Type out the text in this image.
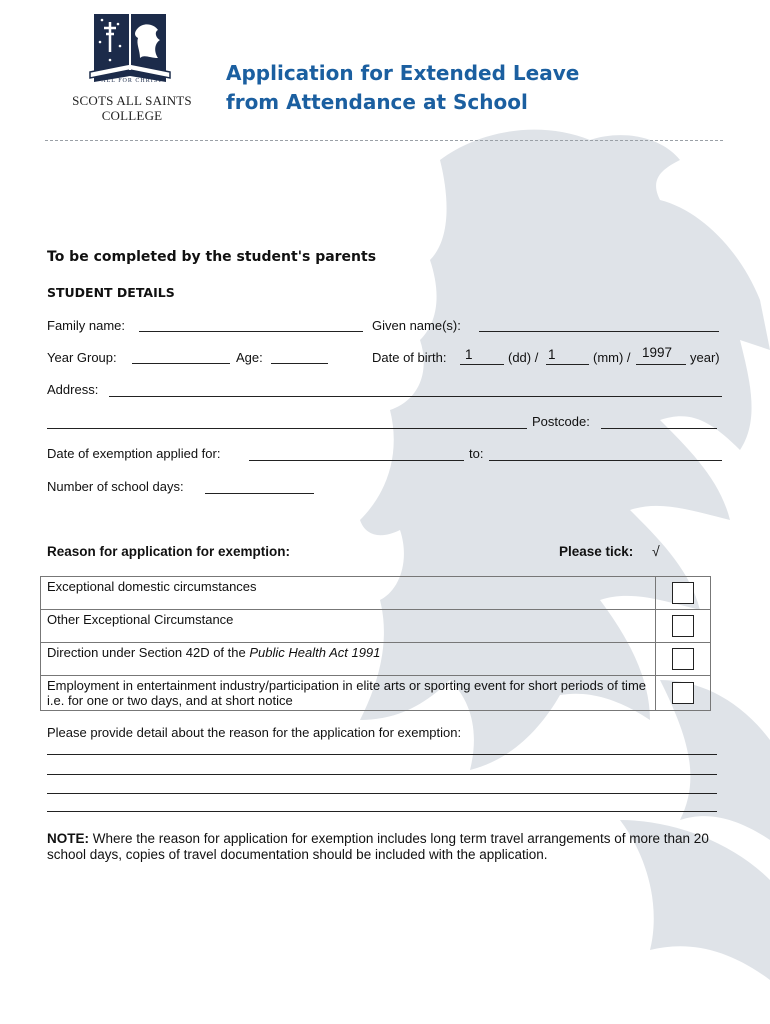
ALL FOR CHRIST
SCOTS ALL SAINTS
COLLEGE
Application for Extended Leave
from Attendance at School
To be completed by the student's parents
STUDENT DETAILS
Family name:	Given name(s):
Year Group:	Age:	Date of birth: 1	(dd) / 1	(mm) / 1997 year)
Address:
Postcode:
Date of exemption applied for:	to:
Number of school days:
Reason for application for exemption:	Please tick: √
Exceptional domestic circumstances	
Other Exceptional Circumstance	
Direction under Section 42D of the Public Health Act 1991	
Employment in entertainment industry/participation in elite arts or sporting event for short periods of time i.e. for one or two days, and at short notice	
Please provide detail about the reason for the application for exemption:
NOTE: Where the reason for application for exemption includes long term travel arrangements of more than 20 school days, copies of travel documentation should be included with the application.
